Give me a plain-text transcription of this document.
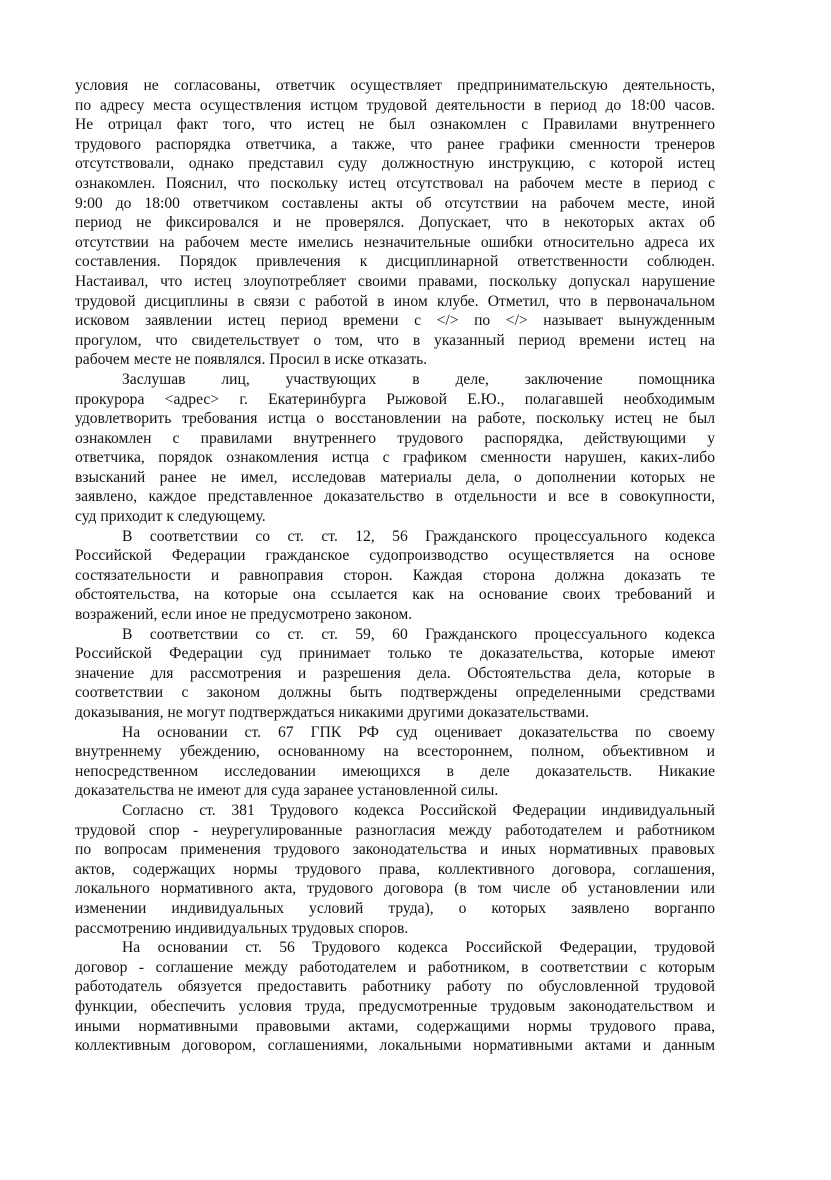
условия не согласованы, ответчик осуществляет предпринимательскую деятельность,
по адресу места осуществления истцом трудовой деятельности в период до 18:00 часов.
Не отрицал факт того, что истец не был ознакомлен с Правилами внутреннего
трудового распорядка ответчика, а также, что ранее графики сменности тренеров
отсутствовали, однако представил суду должностную инструкцию, с которой истец
ознакомлен. Пояснил, что поскольку истец отсутствовал на рабочем месте в период с
9:00 до 18:00 ответчиком составлены акты об отсутствии на рабочем месте, иной
период не фиксировался и не проверялся. Допускает, что в некоторых актах об
отсутствии на рабочем месте имелись незначительные ошибки относительно адреса их
составления. Порядок привлечения к дисциплинарной ответственности соблюден.
Настаивал, что истец злоупотребляет своими правами, поскольку допускал нарушение
трудовой дисциплины в связи с работой в ином клубе. Отметил, что в первоначальном
исковом заявлении истец период времени с </> по </> называет вынужденным
прогулом, что свидетельствует о том, что в указанный период времени истец на
рабочем месте не появлялся. Просил в иске отказать.
Заслушав лиц, участвующих в деле, заключение помощника
прокурора <адрес> г. Екатеринбурга Рыжовой Е.Ю., полагавшей необходимым
удовлетворить требования истца о восстановлении на работе, поскольку истец не был
ознакомлен с правилами внутреннего трудового распорядка, действующими у
ответчика, порядок ознакомления истца с графиком сменности нарушен, каких-либо
взысканий ранее не имел, исследовав материалы дела, о дополнении которых не
заявлено, каждое представленное доказательство в отдельности и все в совокупности,
суд приходит к следующему.
В соответствии со ст. ст. 12, 56 Гражданского процессуального кодекса
Российской Федерации гражданское судопроизводство осуществляется на основе
состязательности и равноправия сторон. Каждая сторона должна доказать те
обстоятельства, на которые она ссылается как на основание своих требований и
возражений, если иное не предусмотрено законом.
В соответствии со ст. ст. 59, 60 Гражданского процессуального кодекса
Российской Федерации суд принимает только те доказательства, которые имеют
значение для рассмотрения и разрешения дела. Обстоятельства дела, которые в
соответствии с законом должны быть подтверждены определенными средствами
доказывания, не могут подтверждаться никакими другими доказательствами.
На основании ст. 67 ГПК РФ суд оценивает доказательства по своему
внутреннему убеждению, основанному на всестороннем, полном, объективном и
непосредственном исследовании имеющихся в деле доказательств. Никакие
доказательства не имеют для суда заранее установленной силы.
Согласно ст. 381 Трудового кодекса Российской Федерации индивидуальный
трудовой спор - неурегулированные разногласия между работодателем и работником
по вопросам применения трудового законодательства и иных нормативных правовых
актов, содержащих нормы трудового права, коллективного договора, соглашения,
локального нормативного акта, трудового договора (в том числе об установлении или
изменении индивидуальных условий труда), о которых заявлено ворганпо
рассмотрению индивидуальных трудовых споров.
На основании ст. 56 Трудового кодекса Российской Федерации, трудовой
договор - соглашение между работодателем и работником, в соответствии с которым
работодатель обязуется предоставить работнику работу по обусловленной трудовой
функции, обеспечить условия труда, предусмотренные трудовым законодательством и
иными нормативными правовыми актами, содержащими нормы трудового права,
коллективным договором, соглашениями, локальными нормативными актами и данным
